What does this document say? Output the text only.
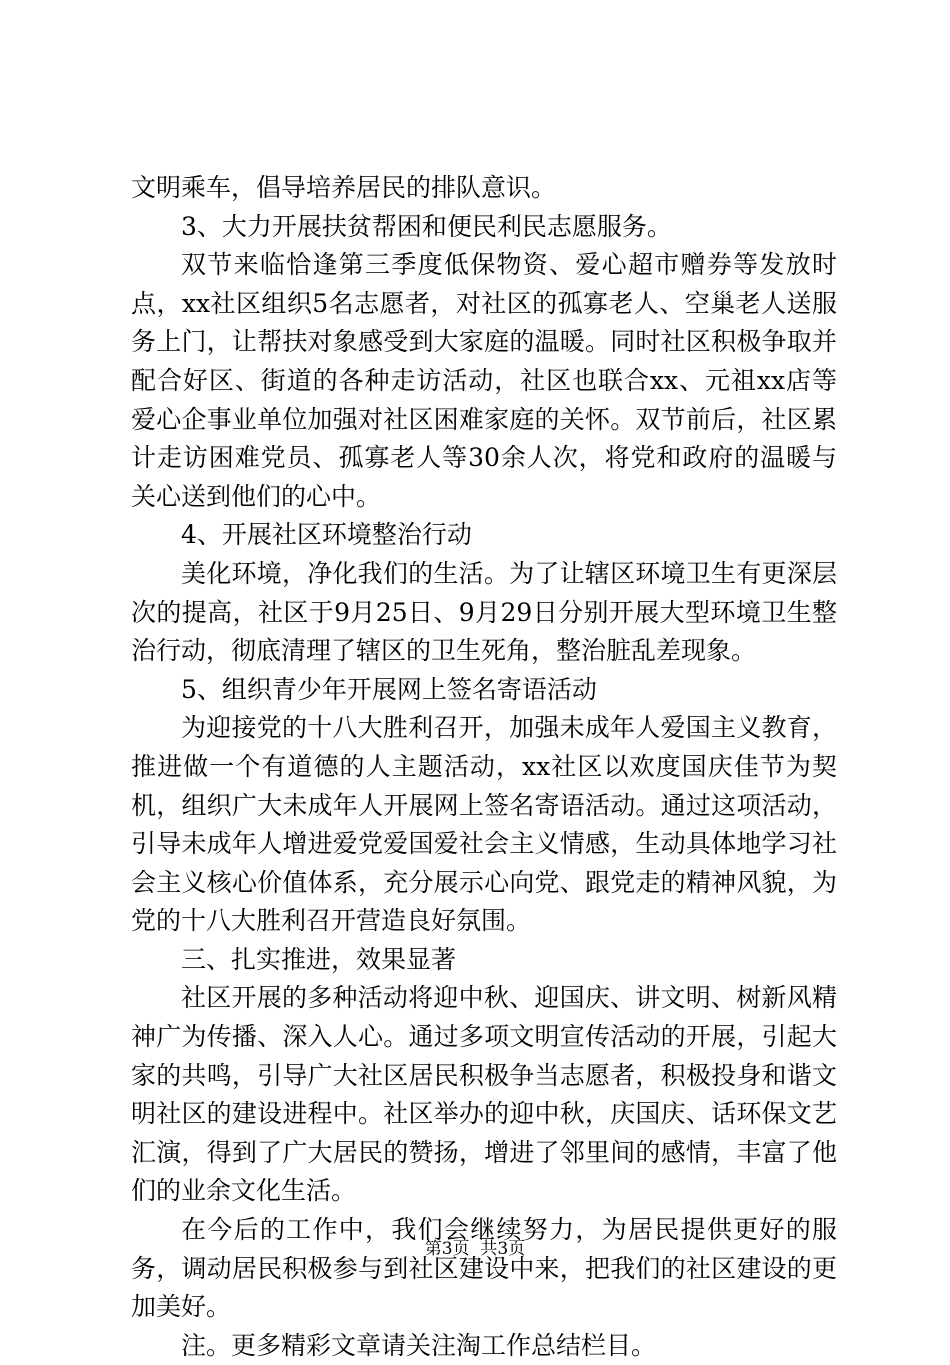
文明乘车，倡导培养居民的排队意识。

3、大力开展扶贫帮困和便民利民志愿服务。

双节来临恰逢第三季度低保物资、爱心超市赠券等发放时点，xx社区组织5名志愿者，对社区的孤寡老人、空巢老人送服务上门，让帮扶对象感受到大家庭的温暖。同时社区积极争取并配合好区、街道的各种走访活动，社区也联合xx、元祖xx店等爱心企事业单位加强对社区困难家庭的关怀。双节前后，社区累计走访困难党员、孤寡老人等30余人次，将党和政府的温暖与关心送到他们的心中。

4、开展社区环境整治行动

美化环境，净化我们的生活。为了让辖区环境卫生有更深层次的提高，社区于9月25日、9月29日分别开展大型环境卫生整治行动，彻底清理了辖区的卫生死角，整治脏乱差现象。

5、组织青少年开展网上签名寄语活动

为迎接党的十八大胜利召开，加强未成年人爱国主义教育，推进做一个有道德的人主题活动，xx社区以欢度国庆佳节为契机，组织广大未成年人开展网上签名寄语活动。通过这项活动，引导未成年人增进爱党爱国爱社会主义情感，生动具体地学习社会主义核心价值体系，充分展示心向党、跟党走的精神风貌，为党的十八大胜利召开营造良好氛围。

三、扎实推进，效果显著

社区开展的多种活动将迎中秋、迎国庆、讲文明、树新风精神广为传播、深入人心。通过多项文明宣传活动的开展，引起大家的共鸣，引导广大社区居民积极争当志愿者，积极投身和谐文明社区的建设进程中。社区举办的迎中秋，庆国庆、话环保文艺汇演，得到了广大居民的赞扬，增进了邻里间的感情，丰富了他们的业余文化生活。

在今后的工作中，我们会继续努力，为居民提供更好的服务，调动居民积极参与到社区建设中来，把我们的社区建设的更加美好。

注。更多精彩文章请关注淘工作总结栏目。

第3页  共3页
